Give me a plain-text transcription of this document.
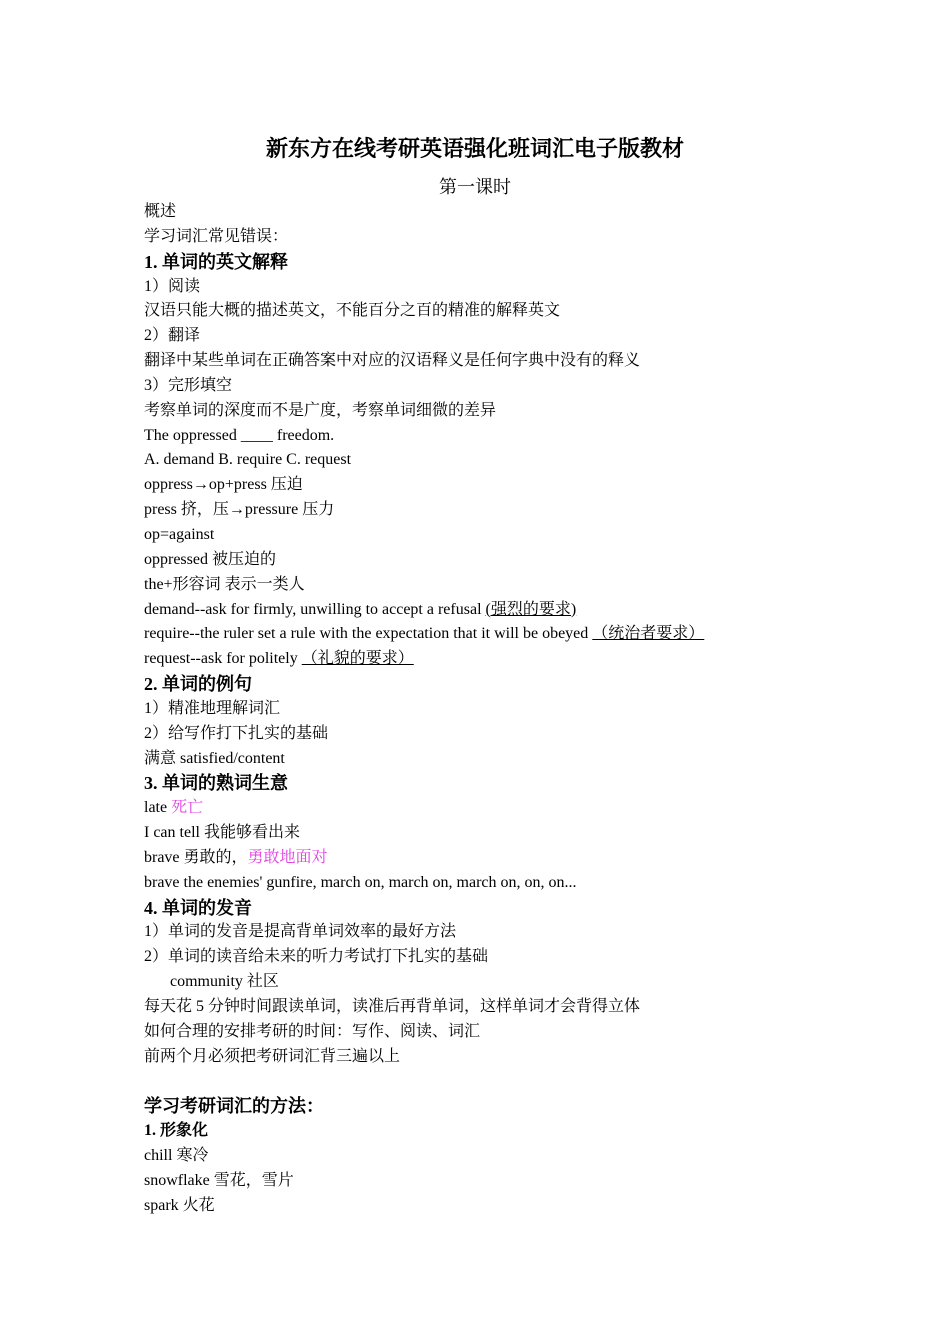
新东方在线考研英语强化班词汇电子版教材
第一课时
概述
学习词汇常见错误：
1. 单词的英文解释
1）阅读
汉语只能大概的描述英文，不能百分之百的精准的解释英文
2）翻译
翻译中某些单词在正确答案中对应的汉语释义是任何字典中没有的释义
3）完形填空
考察单词的深度而不是广度，考察单词细微的差异
The oppressed ____ freedom.
A. demand B. require C. request
oppress→op+press 压迫
press 挤，压→pressure 压力
op=against
oppressed 被压迫的
the+形容词 表示一类人
demand--ask for firmly, unwilling to accept a refusal (强烈的要求)
require--the ruler set a rule with the expectation that it will be obeyed （统治者要求）
request--ask for politely （礼貌的要求）
2. 单词的例句
1）精准地理解词汇
2）给写作打下扎实的基础
满意 satisfied/content
3. 单词的熟词生意
late 死亡
I can tell 我能够看出来
brave 勇敢的，勇敢地面对
brave the enemies' gunfire, march on, march on, march on, on, on...
4. 单词的发音
1）单词的发音是提高背单词效率的最好方法
2）单词的读音给未来的听力考试打下扎实的基础
community 社区
每天花 5 分钟时间跟读单词，读准后再背单词，这样单词才会背得立体
如何合理的安排考研的时间：写作、阅读、词汇
前两个月必须把考研词汇背三遍以上
学习考研词汇的方法：
1. 形象化
chill 寒冷
snowflake 雪花，雪片
spark 火花
